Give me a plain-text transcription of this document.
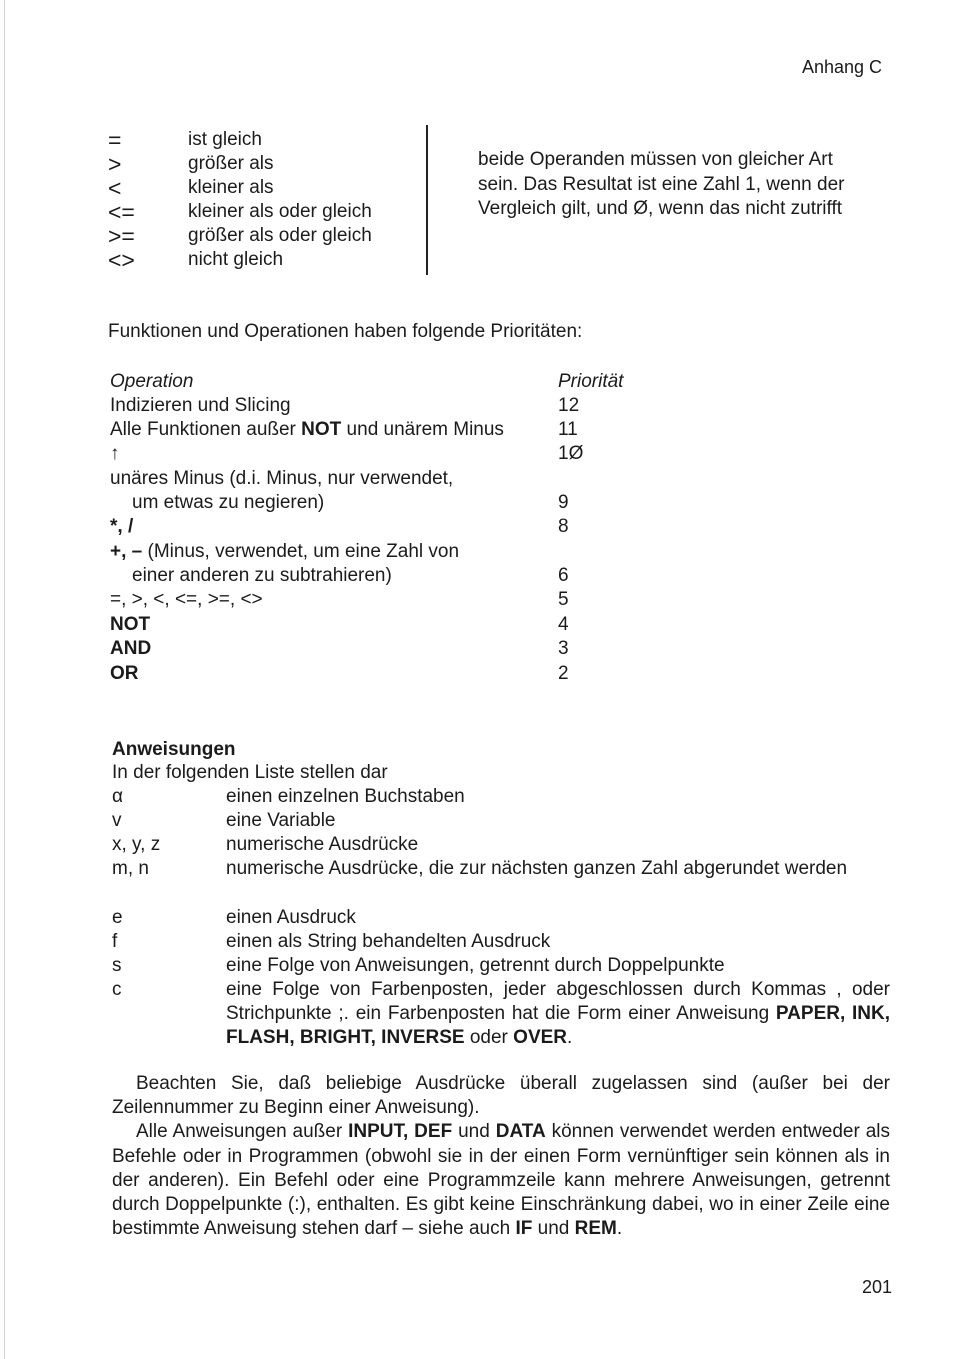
Anhang C
=	ist gleich
>	größer als
<	kleiner als
<=	kleiner als oder gleich
>=	größer als oder gleich
<>	nicht gleich
beide Operanden müssen von gleicher Art sein. Das Resultat ist eine Zahl 1, wenn der Vergleich gilt, und Ø, wenn das nicht zutrifft
Funktionen und Operationen haben folgende Prioritäten:
Operation	Priorität
Indizieren und Slicing	12
Alle Funktionen außer NOT und unärem Minus	11
↑	1Ø
unäres Minus (d.i. Minus, nur verwendet,
um etwas zu negieren)	9
*, /	8
+, – (Minus, verwendet, um eine Zahl von
einer anderen zu subtrahieren)	6
=, >, <, <=, >=, <>	5
NOT	4
AND	3
OR	2
Anweisungen
In der folgenden Liste stellen dar
α	einen einzelnen Buchstaben
v	eine Variable
x, y, z	numerische Ausdrücke
m, n	numerische Ausdrücke, die zur nächsten ganzen Zahl abgerundet werden
e	einen Ausdruck
f	einen als String behandelten Ausdruck
s	eine Folge von Anweisungen, getrennt durch Doppelpunkte
c	eine Folge von Farbenposten, jeder abgeschlossen durch Kommas , oder Strichpunkte ;. ein Farbenposten hat die Form einer Anweisung PAPER, INK, FLASH, BRIGHT, INVERSE oder OVER.

Beachten Sie, daß beliebige Ausdrücke überall zugelassen sind (außer bei der Zeilennummer zu Beginn einer Anweisung).

Alle Anweisungen außer INPUT, DEF und DATA können verwendet werden entweder als Befehle oder in Programmen (obwohl sie in der einen Form vernünftiger sein können als in der anderen). Ein Befehl oder eine Programmzeile kann mehrere Anweisungen, getrennt durch Doppelpunkte (:), enthalten. Es gibt keine Einschränkung dabei, wo in einer Zeile eine bestimmte Anweisung stehen darf – siehe auch IF und REM.

201
